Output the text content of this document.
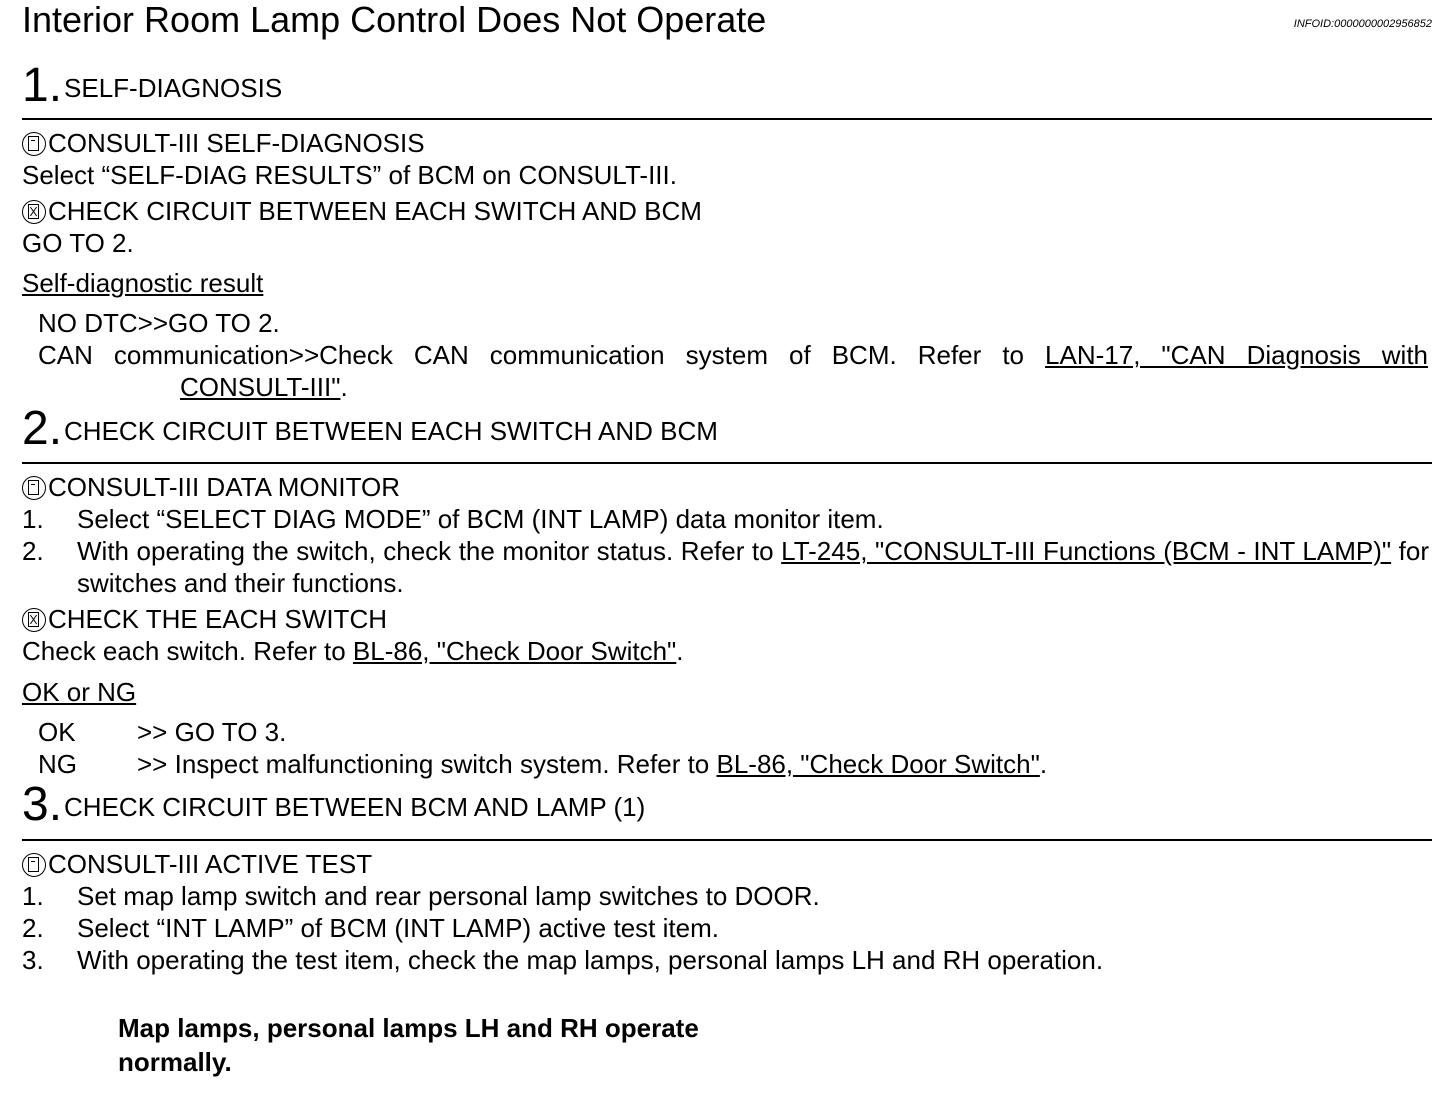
Interior Room Lamp Control Does Not Operate	INFOID:0000000002956852
1.SELF-DIAGNOSIS
CONSULT-III SELF-DIAGNOSIS
Select “SELF-DIAG RESULTS” of BCM on CONSULT-III.
CHECK CIRCUIT BETWEEN EACH SWITCH AND BCM
GO TO 2.
Self-diagnostic result
NO DTC>>GO TO 2.
CAN communication>>Check CAN communication system of BCM. Refer to LAN-17, "CAN Diagnosis with
CONSULT-III".
2.CHECK CIRCUIT BETWEEN EACH SWITCH AND BCM
CONSULT-III DATA MONITOR
1. Select “SELECT DIAG MODE” of BCM (INT LAMP) data monitor item.
2. With operating the switch, check the monitor status. Refer to LT-245, "CONSULT-III Functions (BCM - INT LAMP)" for switches and their functions.
CHECK THE EACH SWITCH
Check each switch. Refer to BL-86, "Check Door Switch".
OK or NG
OK >> GO TO 3.
NG >> Inspect malfunctioning switch system. Refer to BL-86, "Check Door Switch".
3.CHECK CIRCUIT BETWEEN BCM AND LAMP (1)
CONSULT-III ACTIVE TEST
1. Set map lamp switch and rear personal lamp switches to DOOR.
2. Select “INT LAMP” of BCM (INT LAMP) active test item.
3. With operating the test item, check the map lamps, personal lamps LH and RH operation.
Map lamps, personal lamps LH and RH operate
normally.
